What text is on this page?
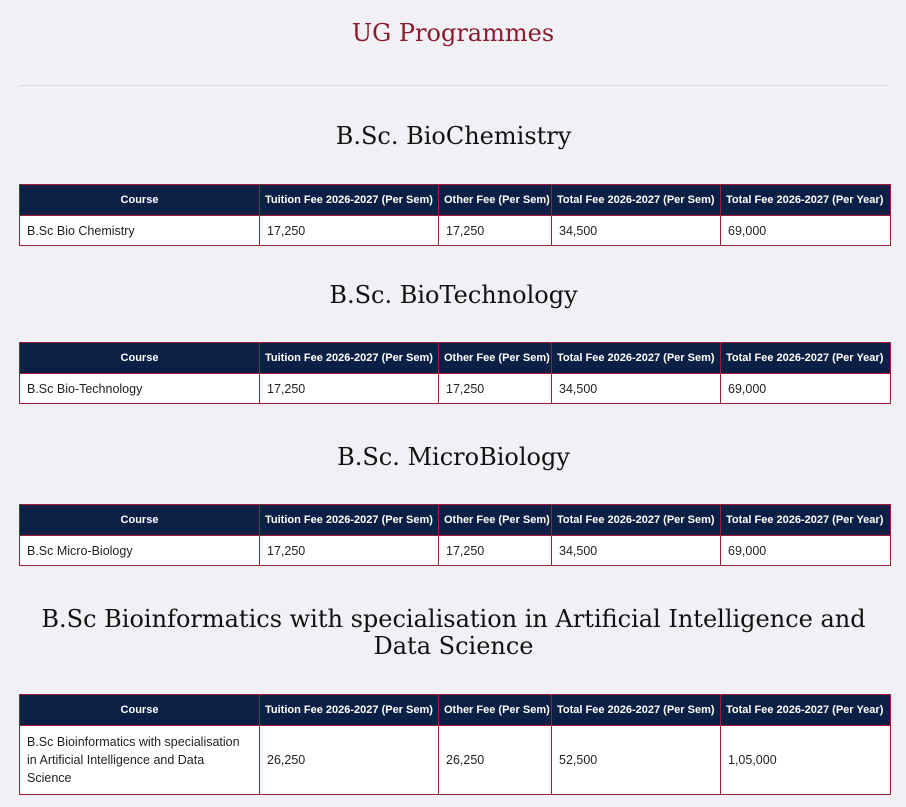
UG Programmes
B.Sc. BioChemistry
Course	Tuition Fee 2026-2027 (Per Sem)	Other Fee (Per Sem)	Total Fee 2026-2027 (Per Sem)	Total Fee 2026-2027 (Per Year)
B.Sc Bio Chemistry	17,250	17,250	34,500	69,000
B.Sc. BioTechnology
Course	Tuition Fee 2026-2027 (Per Sem)	Other Fee (Per Sem)	Total Fee 2026-2027 (Per Sem)	Total Fee 2026-2027 (Per Year)
B.Sc Bio-Technology	17,250	17,250	34,500	69,000
B.Sc. MicroBiology
Course	Tuition Fee 2026-2027 (Per Sem)	Other Fee (Per Sem)	Total Fee 2026-2027 (Per Sem)	Total Fee 2026-2027 (Per Year)
B.Sc Micro-Biology	17,250	17,250	34,500	69,000
B.Sc Bioinformatics with specialisation in Artificial Intelligence and Data Science
Course	Tuition Fee 2026-2027 (Per Sem)	Other Fee (Per Sem)	Total Fee 2026-2027 (Per Sem)	Total Fee 2026-2027 (Per Year)
B.Sc Bioinformatics with specialisation in Artificial Intelligence and Data Science	26,250	26,250	52,500	1,05,000
